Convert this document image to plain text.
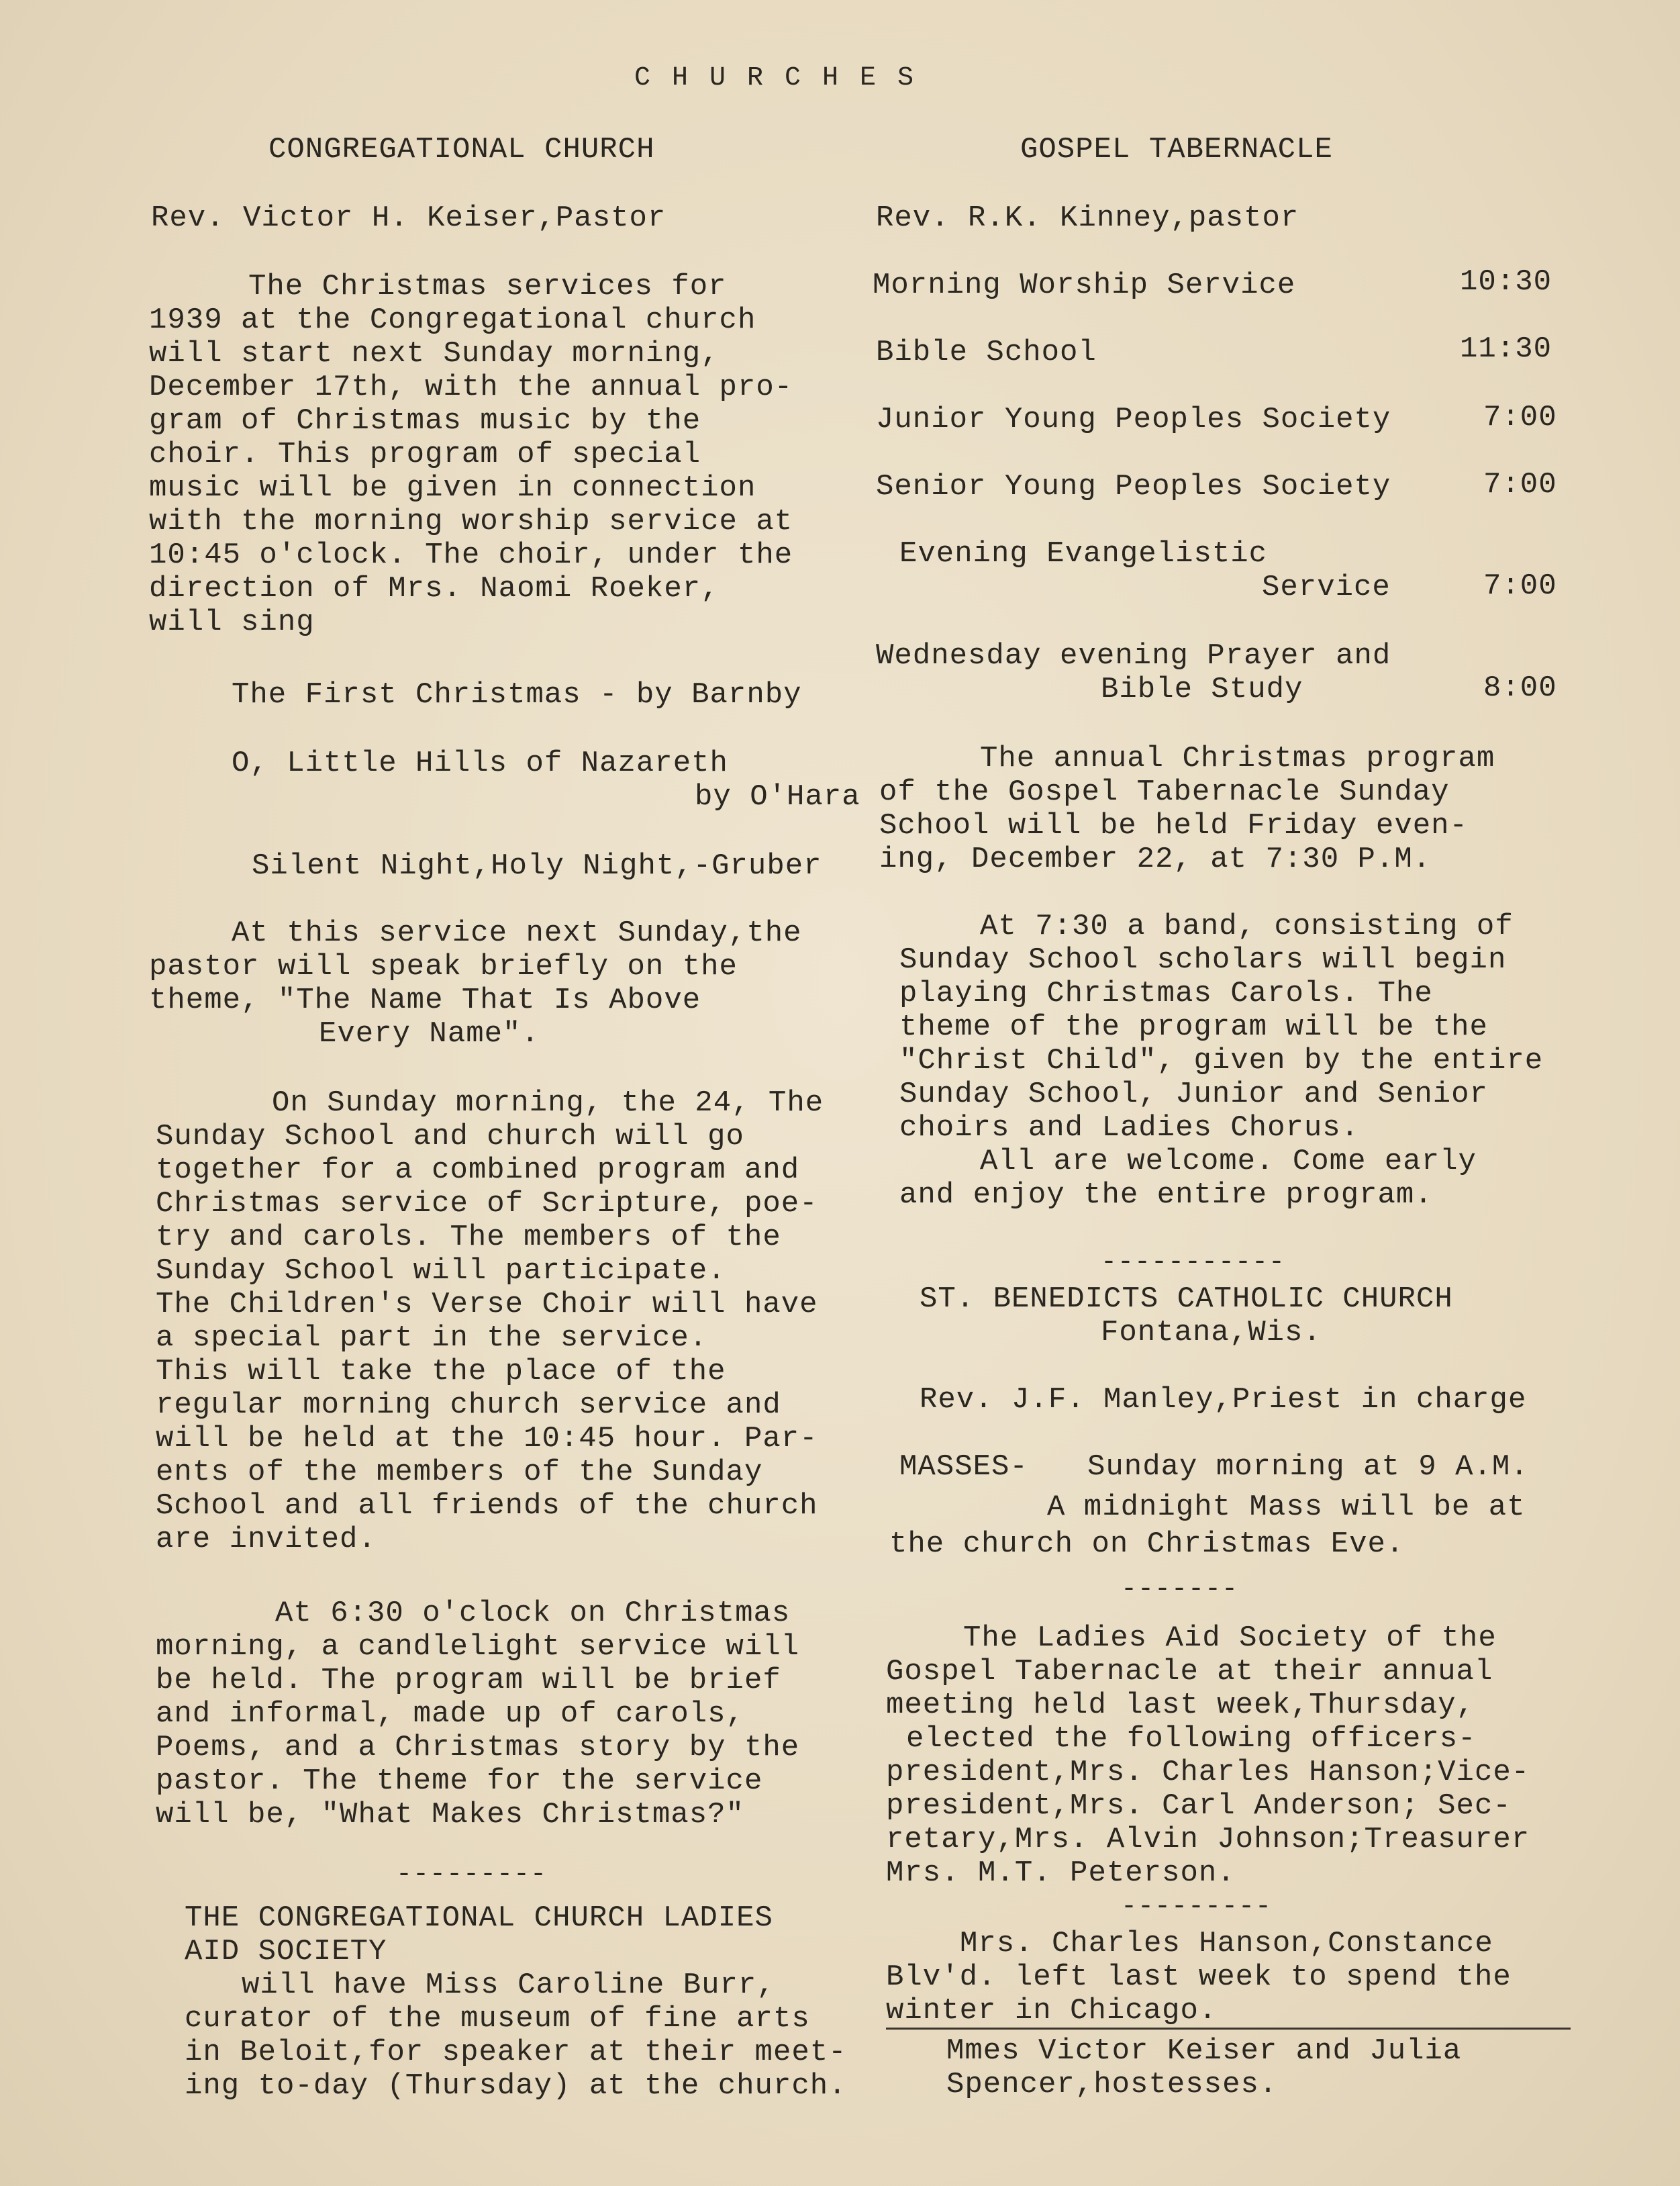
C H U R C H E S
CONGREGATIONAL CHURCH
Rev. Victor H. Keiser,Pastor
The Christmas services for
1939 at the Congregational church
will start next Sunday morning,
December 17th, with the annual pro-
gram of Christmas music by the
choir. This program of special
music will be given in connection
with the morning worship service at
10:45 o'clock. The choir, under the
direction of Mrs. Naomi Roeker,
will sing
The First Christmas - by Barnby
O, Little Hills of Nazareth
by O'Hara
Silent Night,Holy Night,-Gruber
At this service next Sunday,the
pastor will speak briefly on the
theme, "The Name That Is Above
Every Name".
On Sunday morning, the 24, The
Sunday School and church will go
together for a combined program and
Christmas service of Scripture, poe-
try and carols. The members of the
Sunday School will participate.
The Children's Verse Choir will have
a special part in the service.
This will take the place of the
regular morning church service and
will be held at the 10:45 hour. Par-
ents of the members of the Sunday
School and all friends of the church
are invited.
At 6:30 o'clock on Christmas
morning, a candlelight service will
be held. The program will be brief
and informal, made up of carols,
Poems, and a Christmas story by the
pastor. The theme for the service
will be, "What Makes Christmas?"
---------
THE CONGREGATIONAL CHURCH LADIES
AID SOCIETY
will have Miss Caroline Burr,
curator of the museum of fine arts
in Beloit,for speaker at their meet-
ing to-day (Thursday) at the church.
GOSPEL TABERNACLE
Rev. R.K. Kinney,pastor
Morning Worship Service	10:30
Bible School	11:30
Junior Young Peoples Society	7:00
Senior Young Peoples Society	7:00
Evening Evangelistic
Service	7:00
Wednesday evening Prayer and
Bible Study	8:00
The annual Christmas program
of the Gospel Tabernacle Sunday
School will be held Friday even-
ing, December 22, at 7:30 P.M.
At 7:30 a band, consisting of
Sunday School scholars will begin
playing Christmas Carols. The
theme of the program will be the
"Christ Child", given by the entire
Sunday School, Junior and Senior
choirs and Ladies Chorus.
All are welcome. Come early
and enjoy the entire program.
-----------
ST. BENEDICTS CATHOLIC CHURCH
Fontana,Wis.
Rev. J.F. Manley,Priest in charge
MASSES- Sunday morning at 9 A.M.
A midnight Mass will be at
the church on Christmas Eve.
-------
The Ladies Aid Society of the
Gospel Tabernacle at their annual
meeting held last week,Thursday,
elected the following officers-
president,Mrs. Charles Hanson;Vice-
president,Mrs. Carl Anderson; Sec-
retary,Mrs. Alvin Johnson;Treasurer
Mrs. M.T. Peterson.
---------
Mrs. Charles Hanson,Constance
Blv'd. left last week to spend the
winter in Chicago.
Mmes Victor Keiser and Julia
Spencer,hostesses.
